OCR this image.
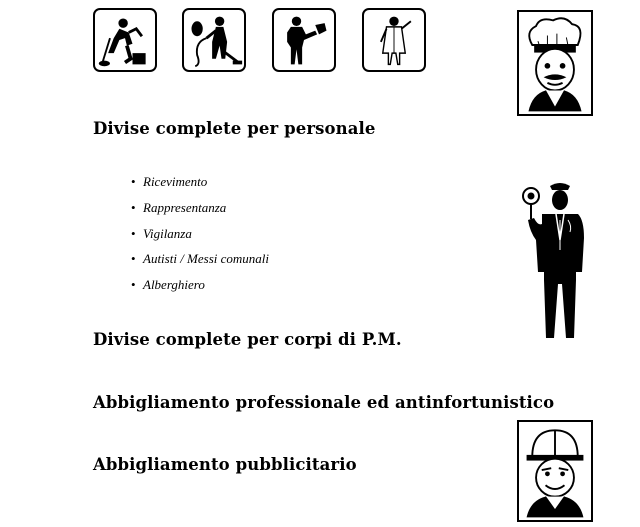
Divise complete per personale
• Ricevimento
• Rappresentanza
• Vigilanza
• Autisti / Messi comunali
• Alberghiero
Divise complete per corpi di P.M.
Abbigliamento professionale ed antinfortunistico
Abbigliamento pubblicitario
